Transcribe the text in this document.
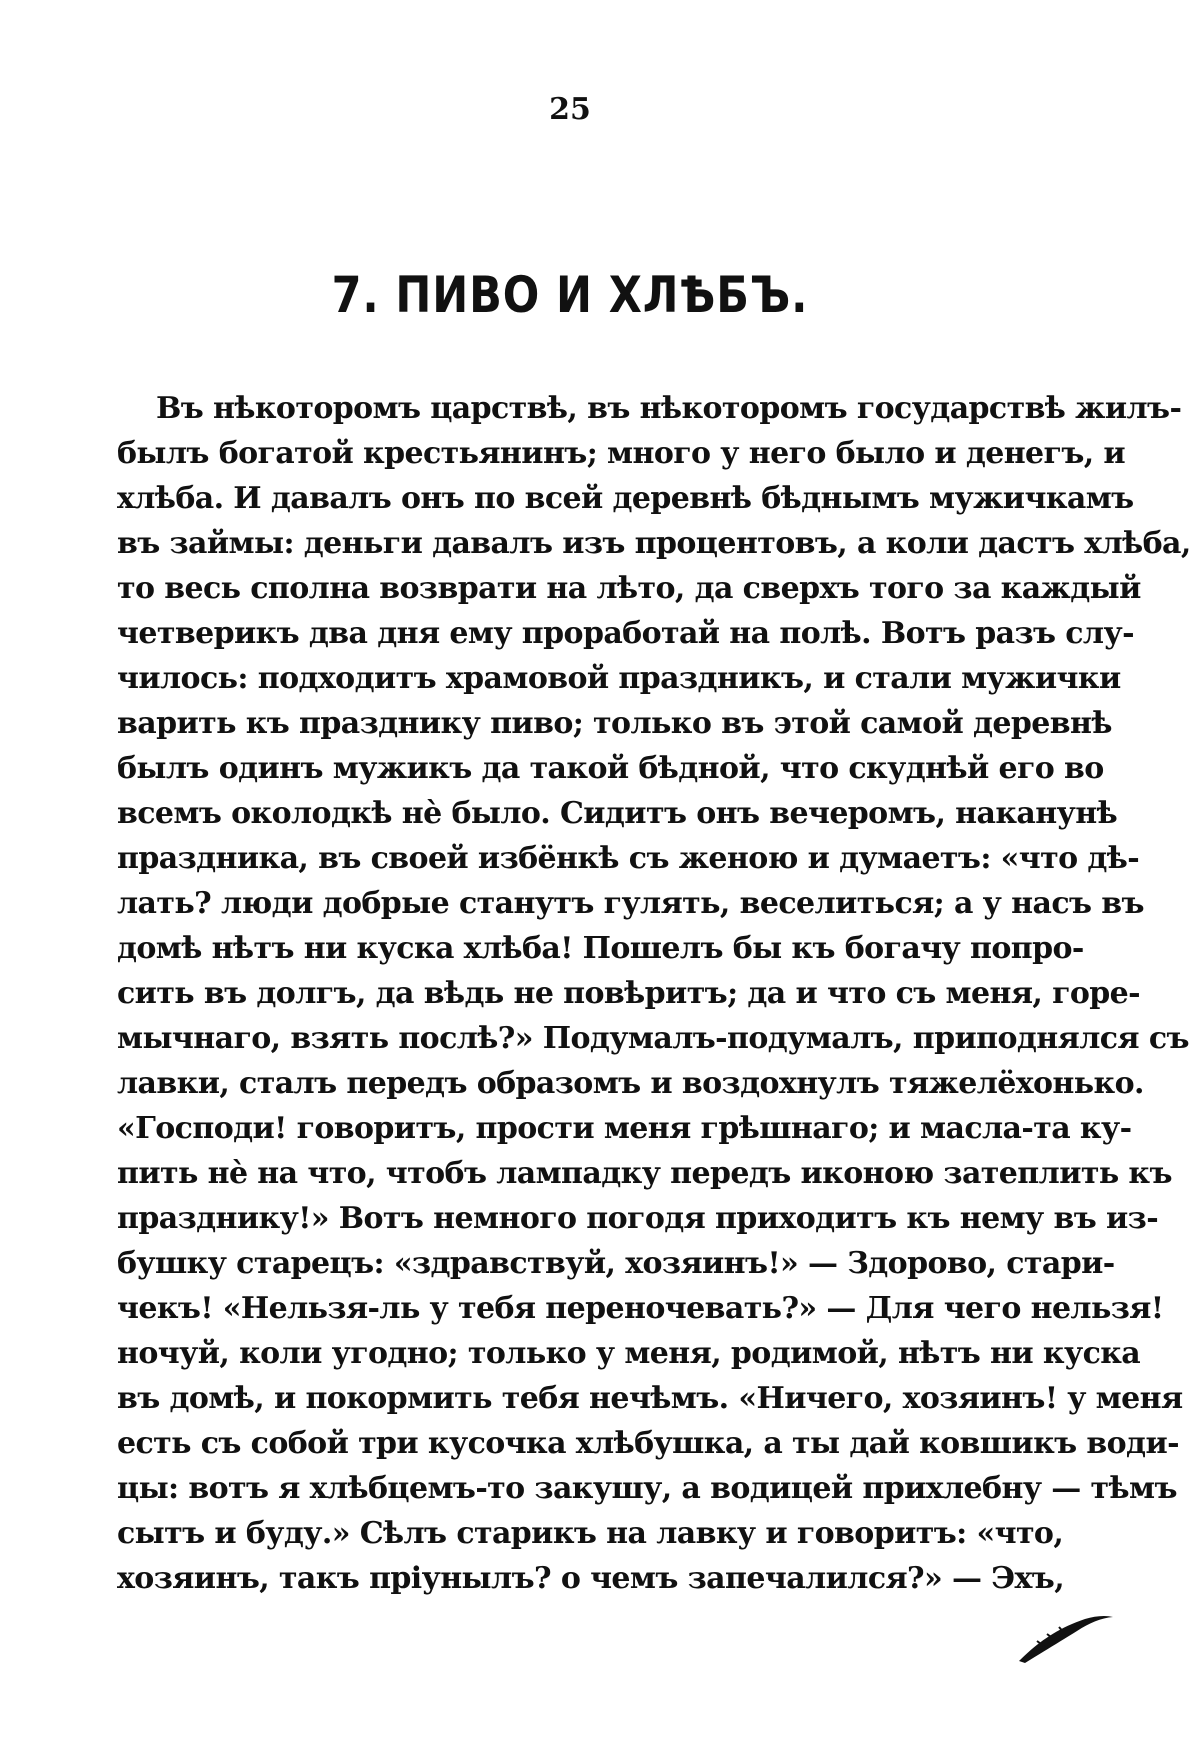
25
7. ПИВО И ХЛѢБЪ.
Въ нѣкоторомъ царствѣ, въ нѣкоторомъ государствѣ жилъ-
былъ богатой крестьянинъ; много у него было и денегъ, и
хлѣба. И давалъ онъ по всей деревнѣ бѣднымъ мужичкамъ
въ займы: деньги давалъ изъ процентовъ, а коли дастъ хлѣба,
то весь сполна возврати на лѣто, да сверхъ того за каждый
четверикъ два дня ему проработай на полѣ. Вотъ разъ слу-
чилось: подходитъ храмовой праздникъ, и стали мужички
варить къ празднику пиво; только въ этой самой деревнѣ
былъ одинъ мужикъ да такой бѣдной, что скуднѣй его во
всемъ околодкѣ нѐ было. Сидитъ онъ вечеромъ, наканунѣ
праздника, въ своей избёнкѣ съ женою и думаетъ: «что дѣ-
лать? люди добрые станутъ гулять, веселиться; а у насъ въ
домѣ нѣтъ ни куска хлѣба! Пошелъ бы къ богачу попро-
сить въ долгъ, да вѣдь не повѣритъ; да и что съ меня, горе-
мычнаго, взять послѣ?» Подумалъ-подумалъ, приподнялся съ
лавки, сталъ передъ образомъ и воздохнулъ тяжелёхонько.
«Господи! говоритъ, прости меня грѣшнаго; и масла-та ку-
пить нѐ на что, чтобъ лампадку передъ иконою затеплить къ
празднику!» Вотъ немного погодя приходитъ къ нему въ из-
бушку старецъ: «здравствуй, хозяинъ!» — Здорово, стари-
чекъ! «Нельзя-ль у тебя переночевать?» — Для чего нельзя!
ночуй, коли угодно; только у меня, родимой, нѣтъ ни куска
въ домѣ, и покормить тебя нечѣмъ. «Ничего, хозяинъ! у меня
есть съ собой три кусочка хлѣбушка, а ты дай ковшикъ води-
цы: вотъ я хлѣбцемъ-то закушу, а водицей прихлебну — тѣмъ
сытъ и буду.» Сѣлъ старикъ на лавку и говоритъ: «что,
хозяинъ, такъ пріунылъ? о чемъ запечалился?» — Эхъ,
